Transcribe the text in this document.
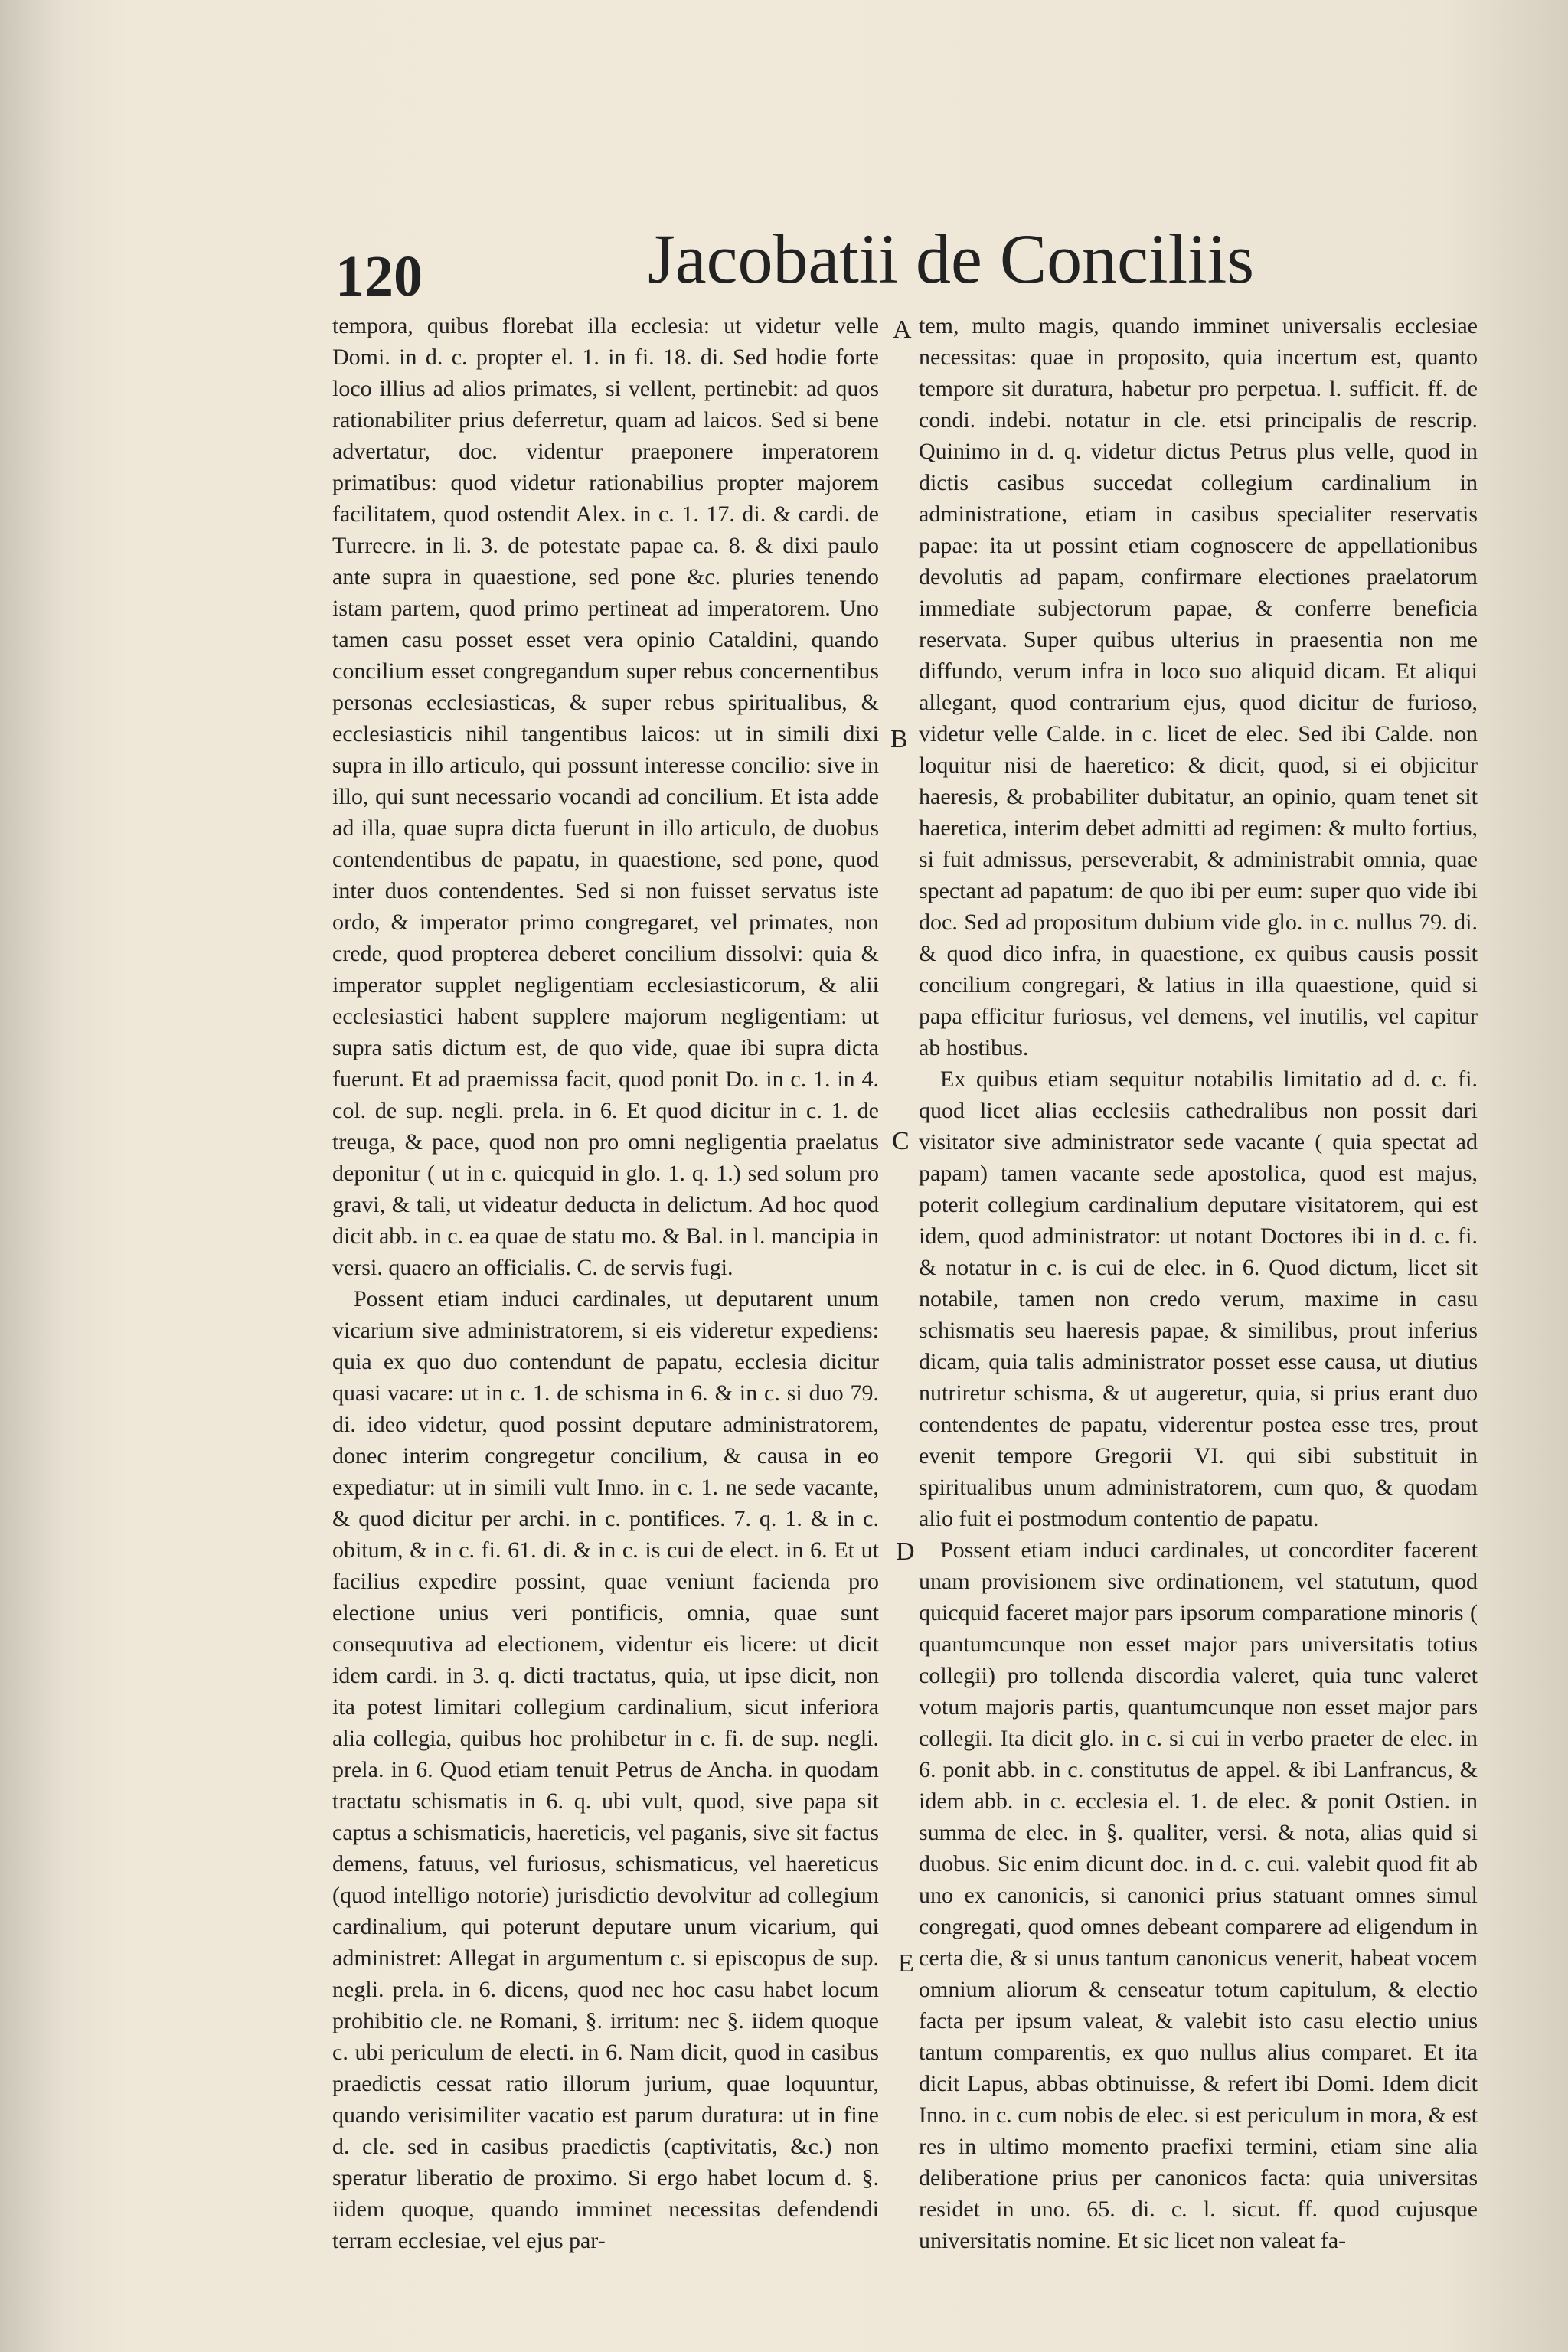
120	Jacobatii de Conciliis

tempora, quibus florebat illa ecclesia: ut videtur velle Domi. in d. c. propter el. 1. in fi. 18. di. Sed hodie forte loco illius ad alios primates, si vellent, pertinebit: ad quos rationabiliter prius deferretur, quam ad laicos. Sed si bene advertatur, doc. videntur praeponere imperatorem primatibus: quod videtur rationabilius propter majorem facilitatem, quod ostendit Alex. in c. 1. 17. di. & cardi. de Turrecre. in li. 3. de potestate papae ca. 8. & dixi paulo ante supra in quaestione, sed pone &c. pluries tenendo istam partem, quod primo pertineat ad imperatorem. Uno tamen casu posset esset vera opinio Cataldini, quando concilium esset congregandum super rebus concernentibus personas ecclesiasticas, & super rebus spiritualibus, & ecclesiasticis nihil tangentibus laicos: ut in simili dixi supra in illo articulo, qui possunt interesse concilio: sive in illo, qui sunt necessario vocandi ad concilium. Et ista adde ad illa, quae supra dicta fuerunt in illo articulo, de duobus contendentibus de papatu, in quaestione, sed pone, quod inter duos contendentes. Sed si non fuisset servatus iste ordo, & imperator primo congregaret, vel primates, non crede, quod propterea deberet concilium dissolvi: quia & imperator supplet negligentiam ecclesiasticorum, & alii ecclesiastici habent supplere majorum negligentiam: ut supra satis dictum est, de quo vide, quae ibi supra dicta fuerunt. Et ad praemissa facit, quod ponit Do. in c. 1. in 4. col. de sup. negli. prela. in 6. Et quod dicitur in c. 1. de treuga, & pace, quod non pro omni negligentia praelatus deponitur ( ut in c. quicquid in glo. 1. q. 1.) sed solum pro gravi, & tali, ut videatur deducta in delictum. Ad hoc quod dicit abb. in c. ea quae de statu mo. & Bal. in l. mancipia in versi. quaero an officialis. C. de servis fugi.

Possent etiam induci cardinales, ut deputarent unum vicarium sive administratorem, si eis videretur expediens: quia ex quo duo contendunt de papatu, ecclesia dicitur quasi vacare: ut in c. 1. de schisma in 6. & in c. si duo 79. di. ideo videtur, quod possint deputare administratorem, donec interim congregetur concilium, & causa in eo expediatur: ut in simili vult Inno. in c. 1. ne sede vacante, & quod dicitur per archi. in c. pontifices. 7. q. 1. & in c. obitum, & in c. fi. 61. di. & in c. is cui de elect. in 6. Et ut facilius expedire possint, quae veniunt facienda pro electione unius veri pontificis, omnia, quae sunt consequutiva ad electionem, videntur eis licere: ut dicit idem cardi. in 3. q. dicti tractatus, quia, ut ipse dicit, non ita potest limitari collegium cardinalium, sicut inferiora alia collegia, quibus hoc prohibetur in c. fi. de sup. negli. prela. in 6. Quod etiam tenuit Petrus de Ancha. in quodam tractatu schismatis in 6. q. ubi vult, quod, sive papa sit captus a schismaticis, haereticis, vel paganis, sive sit factus demens, fatuus, vel furiosus, schismaticus, vel haereticus (quod intelligo notorie) jurisdictio devolvitur ad collegium cardinalium, qui poterunt deputare unum vicarium, qui administret: Allegat in argumentum c. si episcopus de sup. negli. prela. in 6. dicens, quod nec hoc casu habet locum prohibitio cle. ne Romani, §. irritum: nec §. iidem quoque c. ubi periculum de electi. in 6. Nam dicit, quod in casibus praedictis cessat ratio illorum jurium, quae loquuntur, quando verisimiliter vacatio est parum duratura: ut in fine d. cle. sed in casibus praedictis (captivitatis, &c.) non speratur liberatio de proximo. Si ergo habet locum d. §. iidem quoque, quando imminet necessitas defendendi terram ecclesiae, vel ejus par-

tem, multo magis, quando imminet universalis ecclesiae necessitas: quae in proposito, quia incertum est, quanto tempore sit duratura, habetur pro perpetua. l. sufficit. ff. de condi. indebi. notatur in cle. etsi principalis de rescrip. Quinimo in d. q. videtur dictus Petrus plus velle, quod in dictis casibus succedat collegium cardinalium in administratione, etiam in casibus specialiter reservatis papae: ita ut possint etiam cognoscere de appellationibus devolutis ad papam, confirmare electiones praelatorum immediate subjectorum papae, & conferre beneficia reservata. Super quibus ulterius in praesentia non me diffundo, verum infra in loco suo aliquid dicam. Et aliqui allegant, quod contrarium ejus, quod dicitur de furioso, videtur velle Calde. in c. licet de elec. Sed ibi Calde. non loquitur nisi de haeretico: & dicit, quod, si ei objicitur haeresis, & probabiliter dubitatur, an opinio, quam tenet sit haeretica, interim debet admitti ad regimen: & multo fortius, si fuit admissus, perseverabit, & administrabit omnia, quae spectant ad papatum: de quo ibi per eum: super quo vide ibi doc. Sed ad propositum dubium vide glo. in c. nullus 79. di. & quod dico infra, in quaestione, ex quibus causis possit concilium congregari, & latius in illa quaestione, quid si papa efficitur furiosus, vel demens, vel inutilis, vel capitur ab hostibus.

Ex quibus etiam sequitur notabilis limitatio ad d. c. fi. quod licet alias ecclesiis cathedralibus non possit dari visitator sive administrator sede vacante ( quia spectat ad papam) tamen vacante sede apostolica, quod est majus, poterit collegium cardinalium deputare visitatorem, qui est idem, quod administrator: ut notant Doctores ibi in d. c. fi. & notatur in c. is cui de elec. in 6. Quod dictum, licet sit notabile, tamen non credo verum, maxime in casu schismatis seu haeresis papae, & similibus, prout inferius dicam, quia talis administrator posset esse causa, ut diutius nutriretur schisma, & ut augeretur, quia, si prius erant duo contendentes de papatu, viderentur postea esse tres, prout evenit tempore Gregorii VI. qui sibi substituit in spiritualibus unum administratorem, cum quo, & quodam alio fuit ei postmodum contentio de papatu.

Possent etiam induci cardinales, ut concorditer facerent unam provisionem sive ordinationem, vel statutum, quod quicquid faceret major pars ipsorum comparatione minoris ( quantumcunque non esset major pars universitatis totius collegii) pro tollenda discordia valeret, quia tunc valeret votum majoris partis, quantumcunque non esset major pars collegii. Ita dicit glo. in c. si cui in verbo praeter de elec. in 6. ponit abb. in c. constitutus de appel. & ibi Lanfrancus, & idem abb. in c. ecclesia el. 1. de elec. & ponit Ostien. in summa de elec. in §. qualiter, versi. & nota, alias quid si duobus. Sic enim dicunt doc. in d. c. cui. valebit quod fit ab uno ex canonicis, si canonici prius statuant omnes simul congregati, quod omnes debeant comparere ad eligendum in certa die, & si unus tantum canonicus venerit, habeat vocem omnium aliorum & censeatur totum capitulum, & electio facta per ipsum valeat, & valebit isto casu electio unius tantum comparentis, ex quo nullus alius comparet. Et ita dicit Lapus, abbas obtinuisse, & refert ibi Domi. Idem dicit Inno. in c. cum nobis de elec. si est periculum in mora, & est res in ultimo momento praefixi termini, etiam sine alia deliberatione prius per canonicos facta: quia universitas residet in uno. 65. di. c. l. sicut. ff. quod cujusque universitatis nomine. Et sic licet non valeat fa-

A
B
C
D
E
